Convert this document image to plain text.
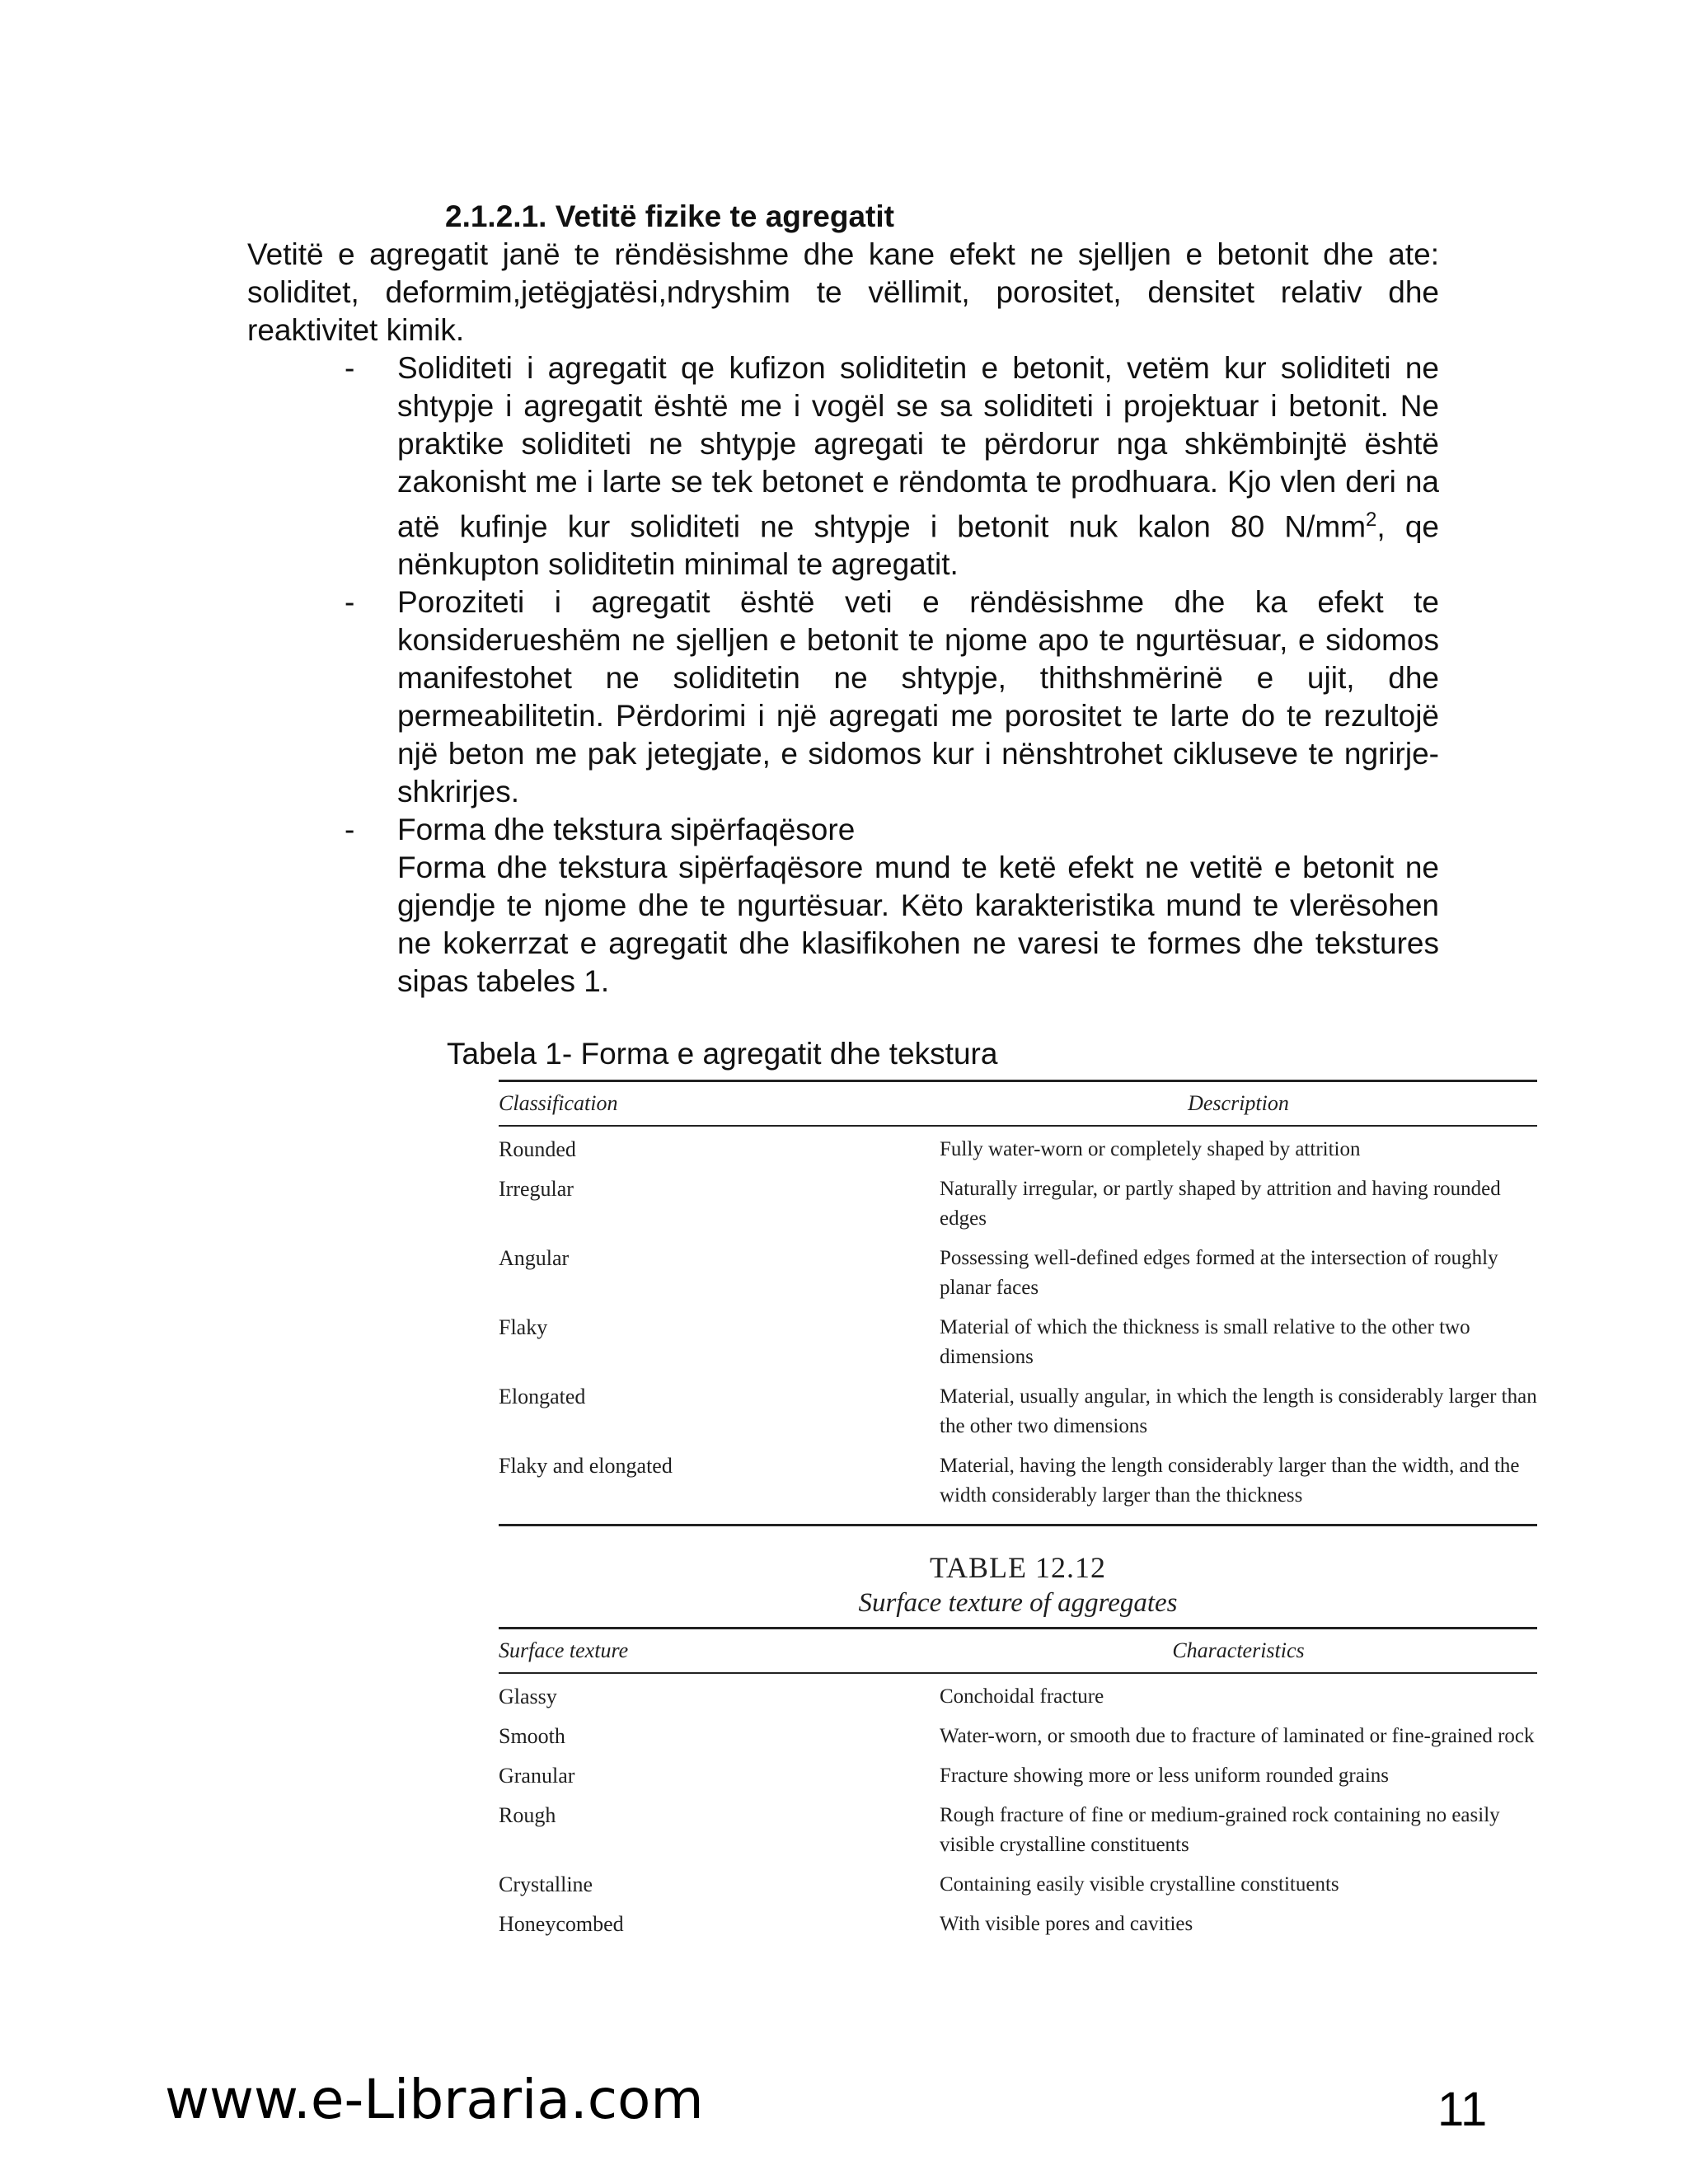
2.1.2.1. Vetitë fizike te agregatit

Vetitë e agregatit janë te rëndësishme dhe kane efekt ne sjelljen e betonit dhe ate: soliditet, deformim,jetëgjatësi,ndryshim te vëllimit, porositet, densitet relativ dhe reaktivitet kimik.

- Soliditeti i agregatit qe kufizon soliditetin e betonit, vetëm kur soliditeti ne shtypje i agregatit është me i vogël se sa soliditeti i projektuar i betonit. Ne praktike soliditeti ne shtypje agregati te përdorur nga shkëmbinjtë është zakonisht me i larte se tek betonet e rëndomta te prodhuara. Kjo vlen deri na atë kufinje kur soliditeti ne shtypje i betonit nuk kalon 80 $N/mm^2$, qe nënkupton soliditetin minimal te agregatit.

- Poroziteti i agregatit është veti e rëndësishme dhe ka efekt te konsiderueshëm ne sjelljen e betonit te njome apo te ngurtësuar, e sidomos manifestohet ne soliditetin ne shtypje, thithshmërinë e ujit, dhe permeabilitetin. Përdorimi i një agregati me porositet te larte do te rezultojë një beton me pak jetegjate, e sidomos kur i nënshtrohet cikluseve te ngrirje-shkrirjes.

- Forma dhe tekstura sipërfaqësore

Forma dhe tekstura sipërfaqësore mund te ketë efekt ne vetitë e betonit ne gjendje te njome dhe te ngurtësuar. Këto karakteristika mund te vlerësohen ne kokerrzat e agregatit dhe klasifikohen ne varesi te formes dhe tekstures sipas tabeles 1.

Tabela 1- Forma e agregatit dhe tekstura
Classification	Description
Rounded	Fully water-worn or completely shaped by attrition
Irregular	Naturally irregular, or partly shaped by attrition and having rounded edges
Angular	Possessing well-defined edges formed at the intersection of roughly planar faces
Flaky	Material of which the thickness is small relative to the other two dimensions
Elongated	Material, usually angular, in which the length is considerably larger than the other two dimensions
Flaky and elongated	Material, having the length considerably larger than the width, and the width considerably larger than the thickness
TABLE 12.12
Surface texture of aggregates
Surface texture	Characteristics
Glassy	Conchoidal fracture
Smooth	Water-worn, or smooth due to fracture of laminated or fine-grained rock
Granular	Fracture showing more or less uniform rounded grains
Rough	Rough fracture of fine or medium-grained rock containing no easily visible crystalline constituents
Crystalline	Containing easily visible crystalline constituents
Honeycombed	With visible pores and cavities
www.e-Libraria.com	11
